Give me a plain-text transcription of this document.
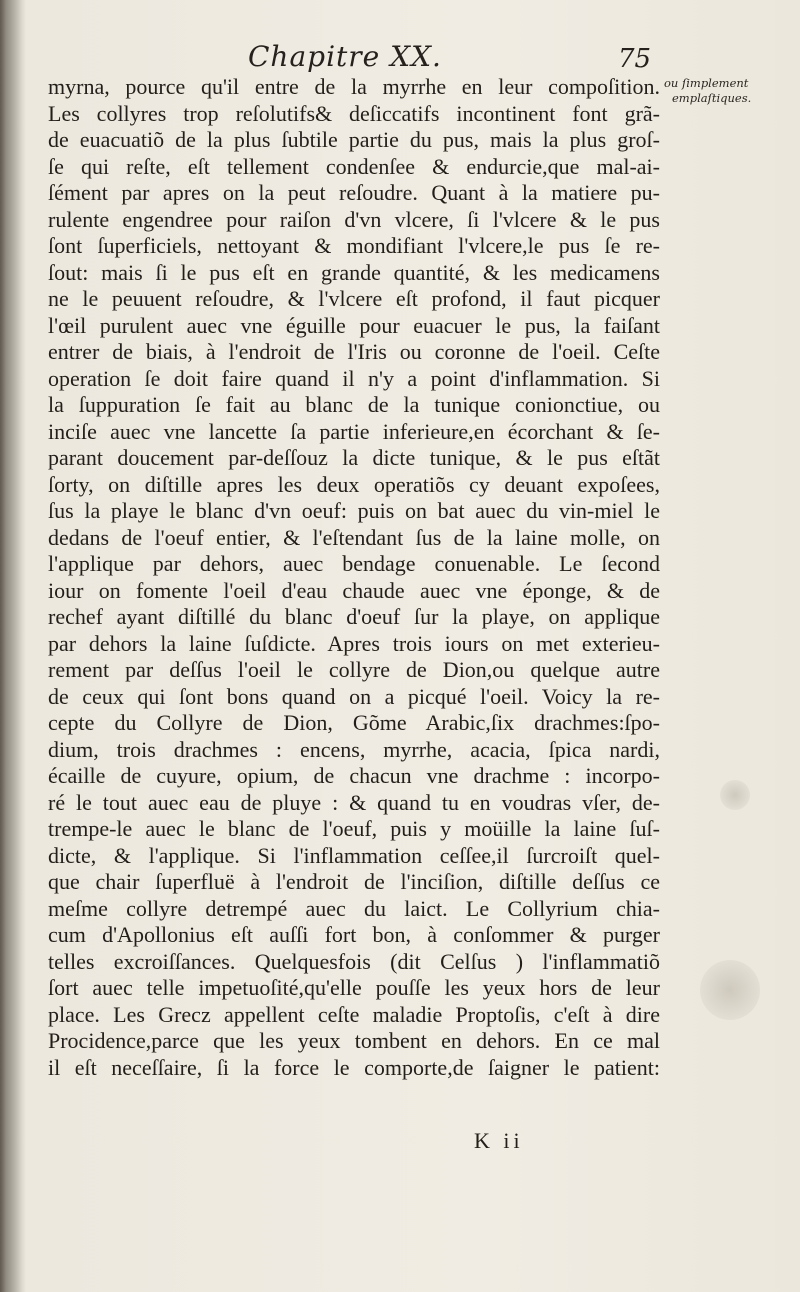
Chapitre XX.	75
ou ſimplement
emplaſtiques.
myrna, pource qu'il entre de la myrrhe en leur compoſition.
Les collyres trop reſolutifs& deſiccatifs incontinent font grã-
de euacuatiõ de la plus ſubtile partie du pus, mais la plus groſ-
ſe qui reſte, eſt tellement condenſee & endurcie,que mal-ai-
ſément par apres on la peut reſoudre. Quant à la matiere pu-
rulente engendree pour raiſon d'vn vlcere, ſi l'vlcere & le pus
ſont ſuperficiels, nettoyant & mondifiant l'vlcere,le pus ſe re-
ſout: mais ſi le pus eſt en grande quantité, & les medicamens
ne le peuuent reſoudre, & l'vlcere eſt profond, il faut picquer
l'œil purulent auec vne éguille pour euacuer le pus, la faiſant
entrer de biais, à l'endroit de l'Iris ou coronne de l'oeil. Ceſte
operation ſe doit faire quand il n'y a point d'inflammation. Si
la ſuppuration ſe fait au blanc de la tunique conionctiue, ou
inciſe auec vne lancette ſa partie inferieure,en écorchant & ſe-
parant doucement par-deſſouz la dicte tunique, & le pus eſtãt
ſorty, on diſtille apres les deux operatiõs cy deuant expoſees,
ſus la playe le blanc d'vn oeuf: puis on bat auec du vin-miel le
dedans de l'oeuf entier, & l'eſtendant ſus de la laine molle, on
l'applique par dehors, auec bendage conuenable. Le ſecond
iour on fomente l'oeil d'eau chaude auec vne éponge, & de
rechef ayant diſtillé du blanc d'oeuf ſur la playe, on applique
par dehors la laine ſuſdicte. Apres trois iours on met exterieu-
rement par deſſus l'oeil le collyre de Dion,ou quelque autre
de ceux qui ſont bons quand on a picqué l'oeil. Voicy la re-
cepte du Collyre de Dion, Gõme Arabic,ſix drachmes:ſpo-
dium, trois drachmes : encens, myrrhe, acacia, ſpica nardi,
écaille de cuyure, opium, de chacun vne drachme : incorpo-
ré le tout auec eau de pluye : & quand tu en voudras vſer, de-
trempe-le auec le blanc de l'oeuf, puis y moüille la laine ſuſ-
dicte, & l'applique. Si l'inflammation ceſſee,il ſurcroiſt quel-
que chair ſuperfluë à l'endroit de l'inciſion, diſtille deſſus ce
meſme collyre detrempé auec du laict. Le Collyrium chia-
cum d'Apollonius eſt auſſi fort bon, à conſommer & purger
telles excroiſſances. Quelquesfois (dit Celſus ) l'inflammatiõ
ſort auec telle impetuoſité,qu'elle pouſſe les yeux hors de leur
place. Les Grecz appellent ceſte maladie Proptoſis, c'eſt à dire
Procidence,parce que les yeux tombent en dehors. En ce mal
il eſt neceſſaire, ſi la force le comporte,de ſaigner le patient:
K ii
